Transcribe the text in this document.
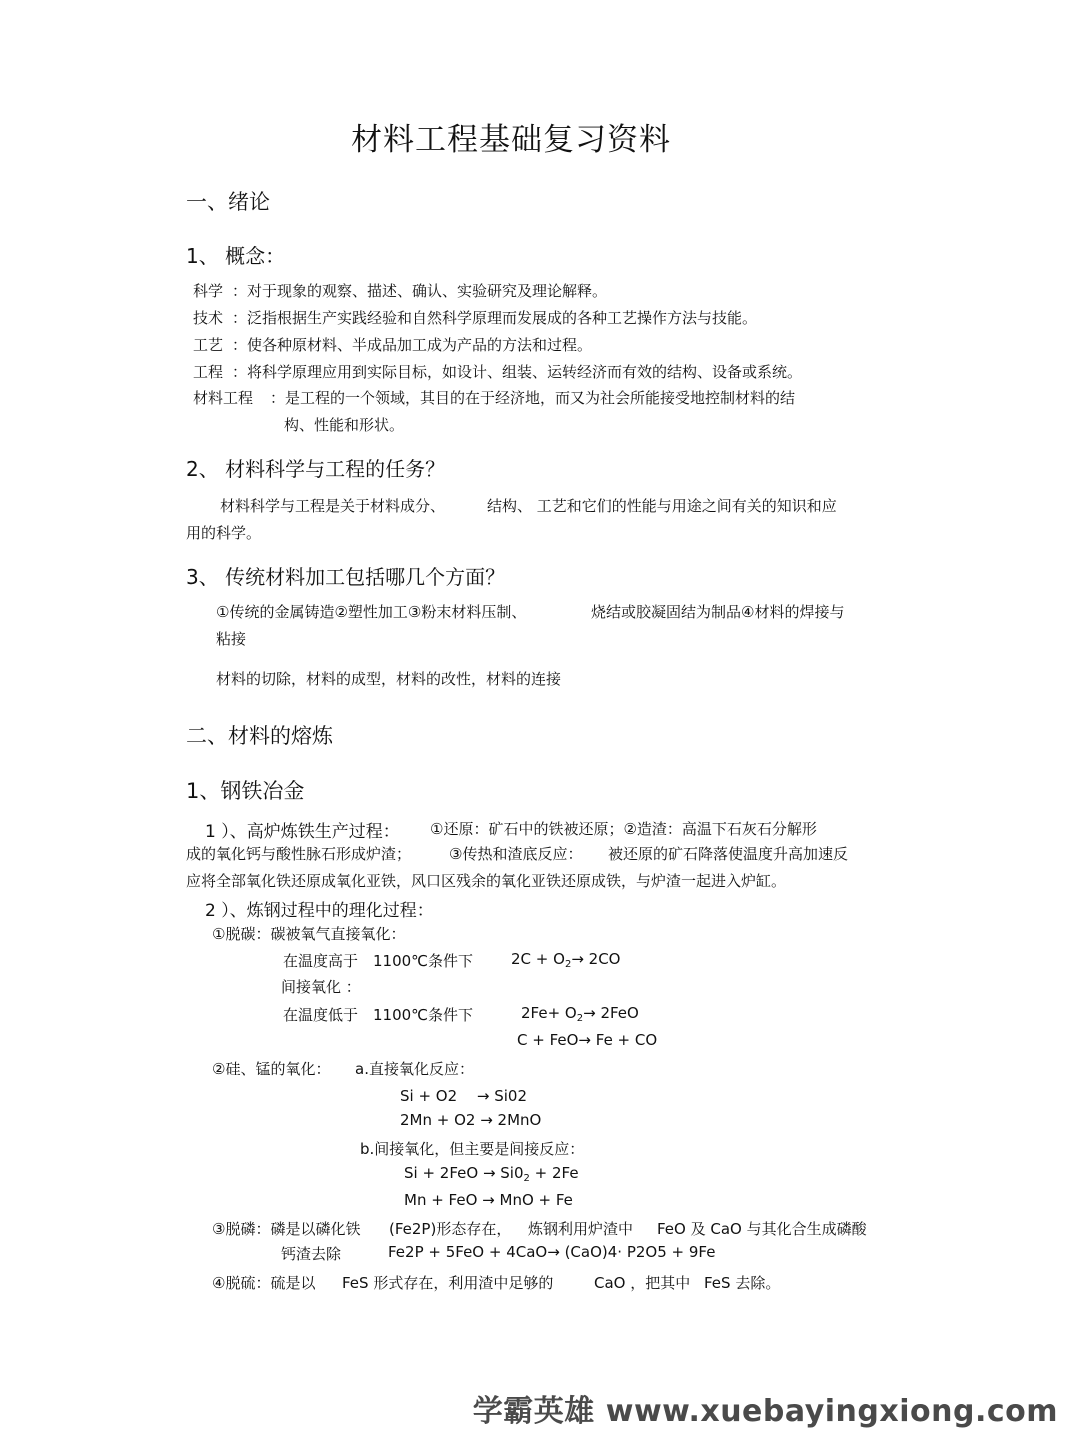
材料工程基础复习资料
一、绪论
1、 概念：
科学 ：对于现象的观察、描述、确认、实验研究及理论解释。
技术 ：泛指根据生产实践经验和自然科学原理而发展成的各种工艺操作方法与技能。
工艺 ：使各种原材料、半成品加工成为产品的方法和过程。
工程 ：将科学原理应用到实际目标，如设计、组装、运转经济而有效的结构、设备或系统。
材料工程 ：是工程的一个领域，其目的在于经济地，而又为社会所能接受地控制材料的结
构、性能和形状。
2、 材料科学与工程的任务？
材料科学与工程是关于材料成分、	结构、 工艺和它们的性能与用途之间有关的知识和应
用的科学。
3、 传统材料加工包括哪几个方面？
①传统的金属铸造②塑性加工③粉末材料压制、	烧结或胶凝固结为制品④材料的焊接与
粘接
材料的切除，材料的成型，材料的改性，材料的连接
二、材料的熔炼
1、钢铁冶金
1 ）、高炉炼铁生产过程： ①还原：矿石中的铁被还原；②造渣：高温下石灰石分解形
成的氧化钙与酸性脉石形成炉渣；	③传热和渣底反应： 被还原的矿石降落使温度升高加速反
应将全部氧化铁还原成氧化亚铁，风口区残余的氧化亚铁还原成铁，与炉渣一起进入炉缸。
2 ）、炼钢过程中的理化过程：
①脱碳：碳被氧气直接氧化：
在温度高于　1100℃条件下	$2C + O_2\to 2CO$
间接氧化 ：
在温度低于　1100℃条件下	$2Fe+ O_2\to 2FeO$
C + FeO→ Fe + CO
②硅、锰的氧化： a.直接氧化反应：
Si + O2　 → Si02
2Mn + O2 → 2MnO
b.间接氧化，但主要是间接反应：
$Si + 2FeO \to Si0_2 + 2Fe$
Mn + FeO → MnO + Fe
③脱磷：磷是以磷化铁 (Fe2P)形态存在， 炼钢利用炉渣中 FeO 及 CaO 与其化合生成磷酸
钙渣去除	Fe2P + 5FeO + 4CaO→ (CaO)4· P2O5 + 9Fe
④脱硫：硫是以 FeS 形式存在，利用渣中足够的	CaO ，把其中 FeS 去除。
学霸英雄 www.xuebayingxiong.com
